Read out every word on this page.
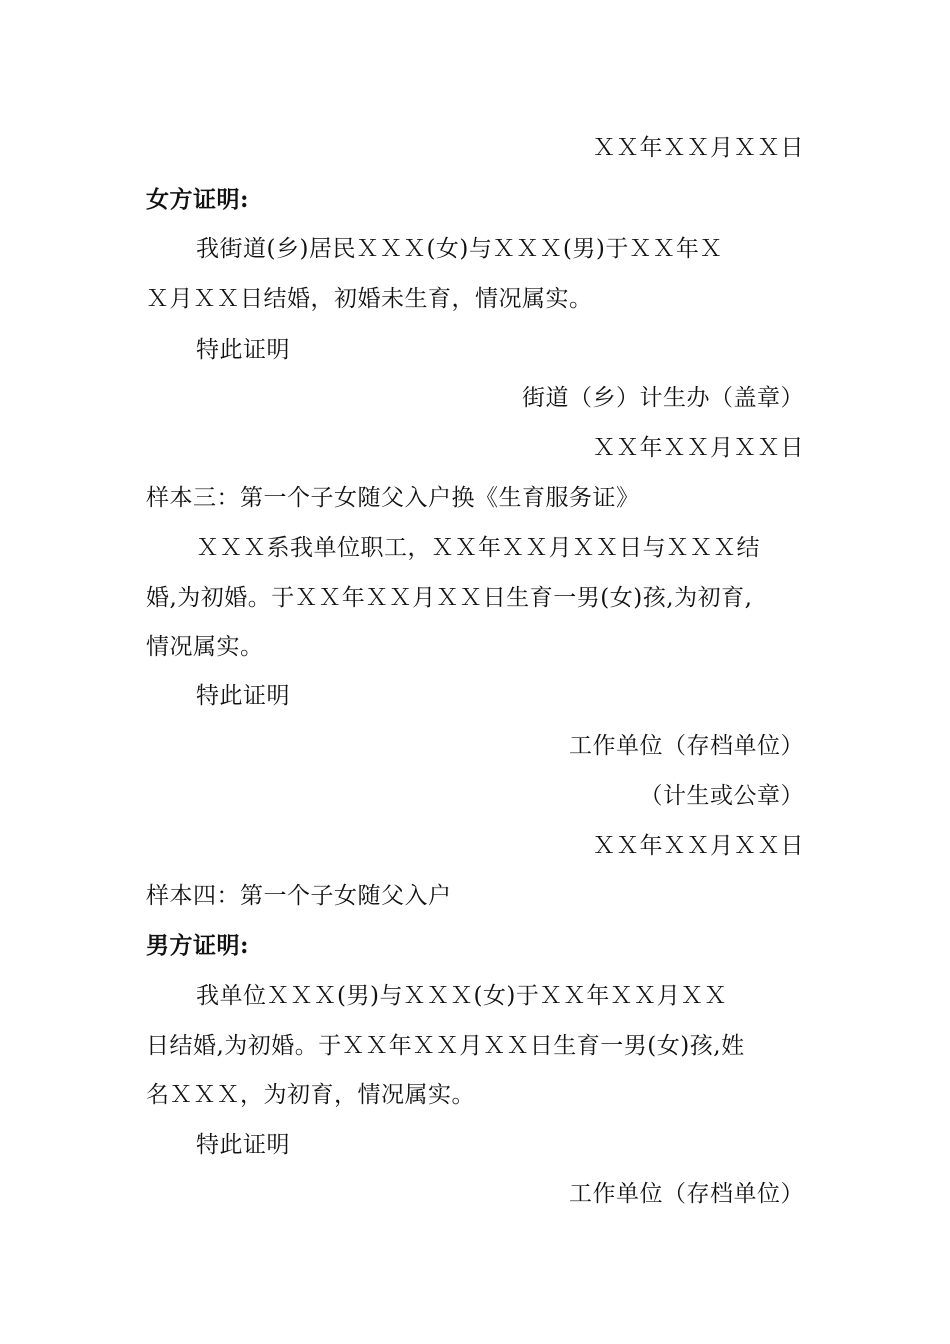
ＸＸ年ＸＸ月ＸＸ日
女方证明:
我街道(乡)居民ＸＸＸ(女)与ＸＸＸ(男)于ＸＸ年Ｘ
Ｘ月ＸＸ日结婚，初婚未生育，情况属实。
特此证明
街道（乡）计生办（盖章）
ＸＸ年ＸＸ月ＸＸ日
样本三：第一个子女随父入户换《生育服务证》
ＸＸＸ系我单位职工，ＸＸ年ＸＸ月ＸＸ日与ＸＸＸ结
婚,为初婚。于ＸＸ年ＸＸ月ＸＸ日生育一男(女)孩,为初育,
情况属实。
特此证明
工作单位（存档单位）
（计生或公章）
ＸＸ年ＸＸ月ＸＸ日
样本四：第一个子女随父入户
男方证明:
我单位ＸＸＸ(男)与ＸＸＸ(女)于ＸＸ年ＸＸ月ＸＸ
日结婚,为初婚。于ＸＸ年ＸＸ月ＸＸ日生育一男(女)孩,姓
名ＸＸＸ，为初育，情况属实。
特此证明
工作单位（存档单位）
